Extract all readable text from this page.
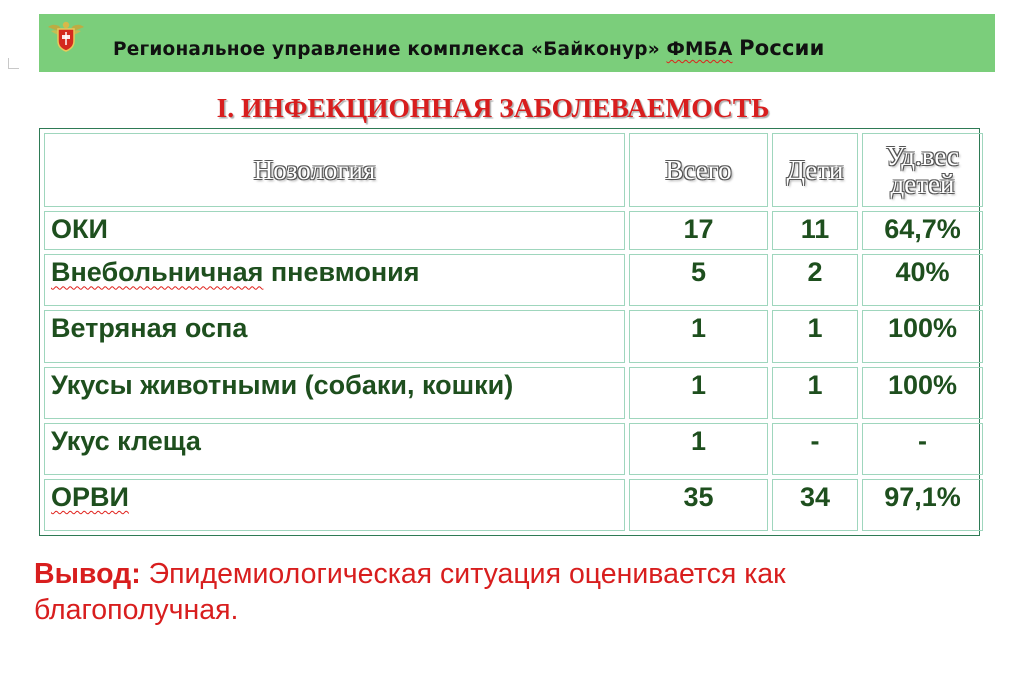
Региональное управление комплекса «Байконур» ФМБА России
I. ИНФЕКЦИОННАЯ ЗАБОЛЕВАЕМОСТЬ
Нозология	Всего	Дети	Уд.вес
детей
ОКИ	17	11	64,7%
Внебольничная пневмония	5	2	40%
Ветряная оспа	1	1	100%
Укусы животными (собаки, кошки)	1	1	100%
Укус клеща	1	-	-
ОРВИ	35	34	97,1%
Вывод: Эпидемиологическая ситуация оценивается как благополучная.
